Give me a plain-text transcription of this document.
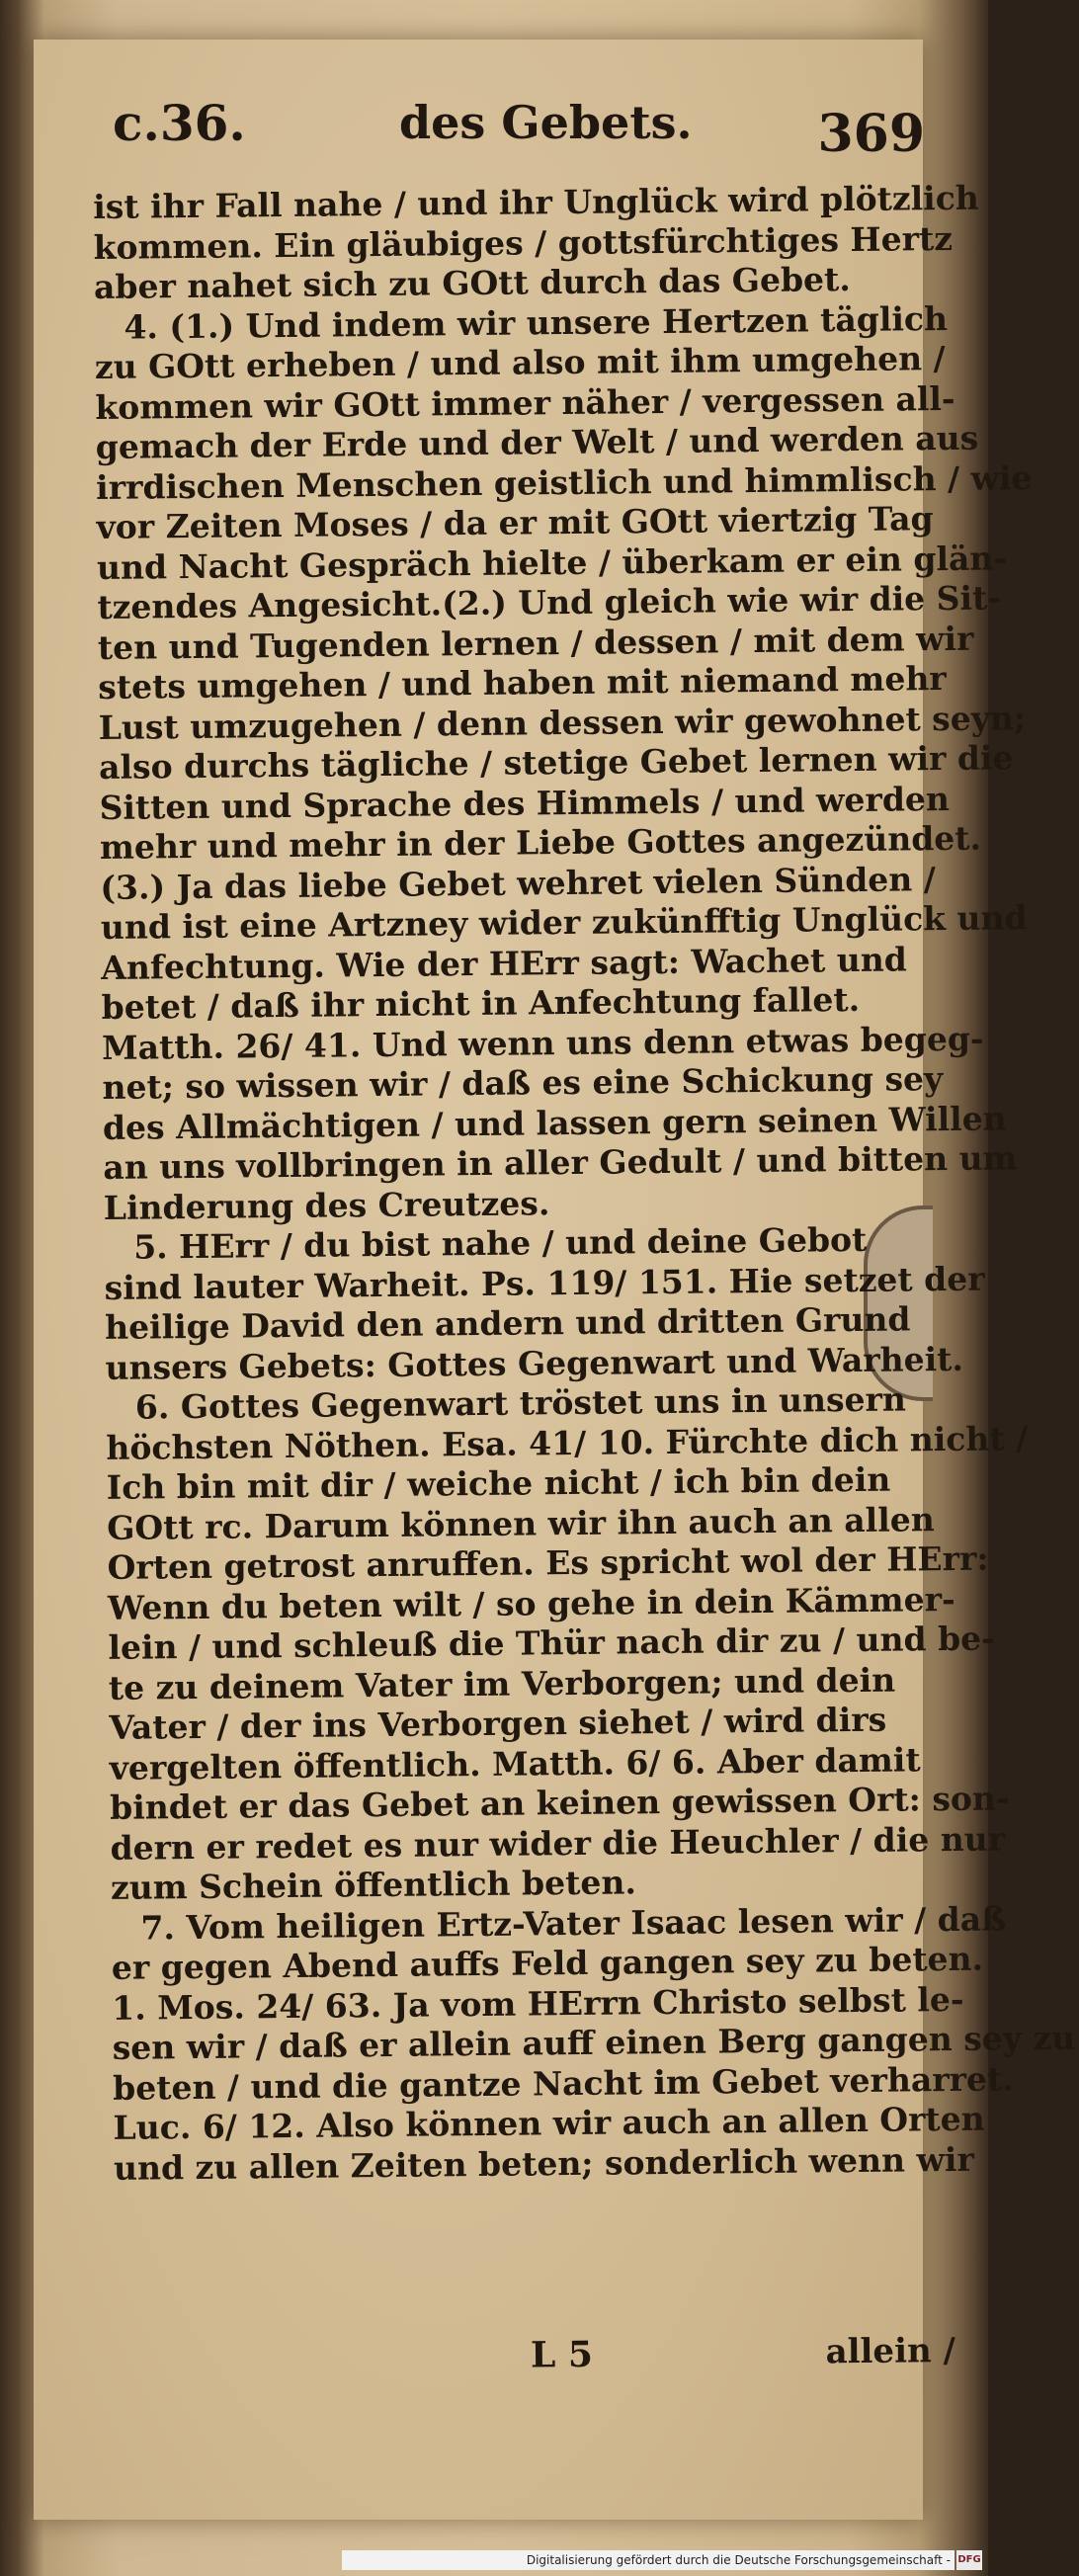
c.36.	des Gebets. 369
ist ihr Fall nahe / und ihr Unglück wird plötzlich
kommen. Ein gläubiges / gottsfürchtiges Hertz
aber nahet sich zu GOtt durch das Gebet.
4. (1.) Und indem wir unsere Hertzen täglich
zu GOtt erheben / und also mit ihm umgehen /
kommen wir GOtt immer näher / vergessen all-
gemach der Erde und der Welt / und werden aus
irrdischen Menschen geistlich und himmlisch / wie
vor Zeiten Moses / da er mit GOtt viertzig Tag
und Nacht Gespräch hielte / überkam er ein glän-
tzendes Angesicht.(2.) Und gleich wie wir die Sit-
ten und Tugenden lernen / dessen / mit dem wir
stets umgehen / und haben mit niemand mehr
Lust umzugehen / denn dessen wir gewohnet seyn;
also durchs tägliche / stetige Gebet lernen wir die
Sitten und Sprache des Himmels / und werden
mehr und mehr in der Liebe Gottes angezündet.
(3.) Ja das liebe Gebet wehret vielen Sünden /
und ist eine Artzney wider zukünfftig Unglück und
Anfechtung. Wie der HErr sagt: Wachet und
betet / daß ihr nicht in Anfechtung fallet.
Matth. 26/ 41. Und wenn uns denn etwas begeg-
net; so wissen wir / daß es eine Schickung sey
des Allmächtigen / und lassen gern seinen Willen
an uns vollbringen in aller Gedult / und bitten um
Linderung des Creutzes.
5. HErr / du bist nahe / und deine Gebot
sind lauter Warheit. Ps. 119/ 151. Hie setzet der
heilige David den andern und dritten Grund
unsers Gebets: Gottes Gegenwart und Warheit.
6. Gottes Gegenwart tröstet uns in unsern
höchsten Nöthen. Esa. 41/ 10. Fürchte dich nicht /
Ich bin mit dir / weiche nicht / ich bin dein
GOtt rc. Darum können wir ihn auch an allen
Orten getrost anruffen. Es spricht wol der HErr:
Wenn du beten wilt / so gehe in dein Kämmer-
lein / und schleuß die Thür nach dir zu / und be-
te zu deinem Vater im Verborgen; und dein
Vater / der ins Verborgen siehet / wird dirs
vergelten öffentlich. Matth. 6/ 6. Aber damit
bindet er das Gebet an keinen gewissen Ort: son-
dern er redet es nur wider die Heuchler / die nur
zum Schein öffentlich beten.
7. Vom heiligen Ertz-Vater Isaac lesen wir / daß
er gegen Abend auffs Feld gangen sey zu beten.
1. Mos. 24/ 63. Ja vom HErrn Christo selbst le-
sen wir / daß er allein auff einen Berg gangen sey zu
beten / und die gantze Nacht im Gebet verharret.
Luc. 6/ 12. Also können wir auch an allen Orten
und zu allen Zeiten beten; sonderlich wenn wir
L 5	allein /
Digitalisierung gefördert durch die Deutsche Forschungsgemeinschaft - DFG
